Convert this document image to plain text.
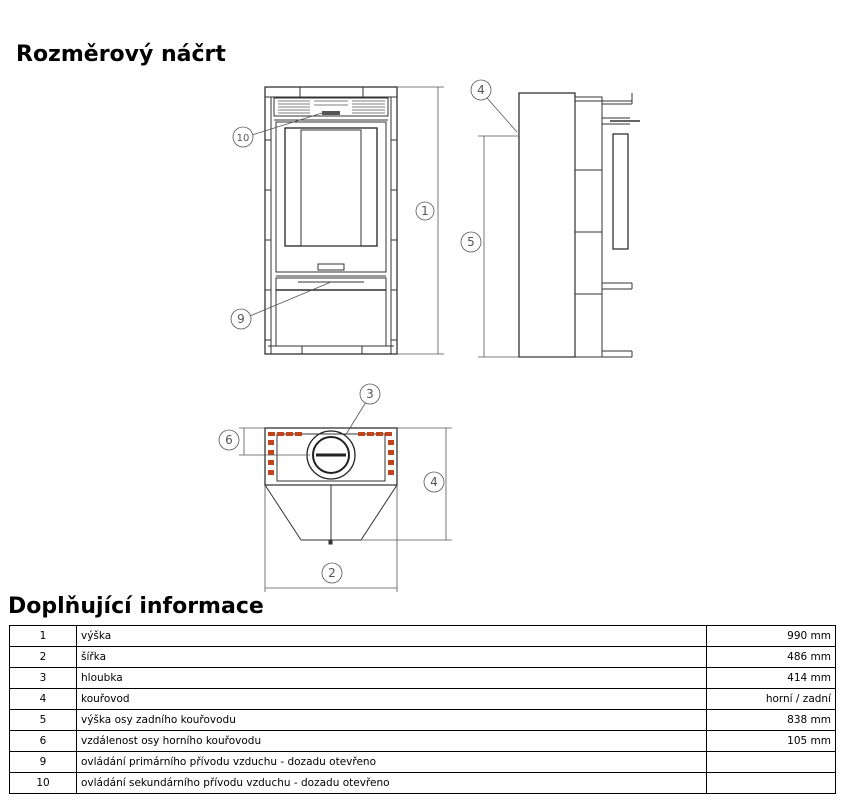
Rozměrový náčrt
1
10
9
4
5
3
6
4
2
Doplňující informace
1	výška	990 mm
2	šířka	486 mm
3	hloubka	414 mm
4	kouřovod	horní / zadní
5	výška osy zadního kouřovodu	838 mm
6	vzdálenost osy horního kouřovodu	105 mm
9	ovládání primárního přívodu vzduchu - dozadu otevřeno	
10	ovládání sekundárního přívodu vzduchu - dozadu otevřeno	
